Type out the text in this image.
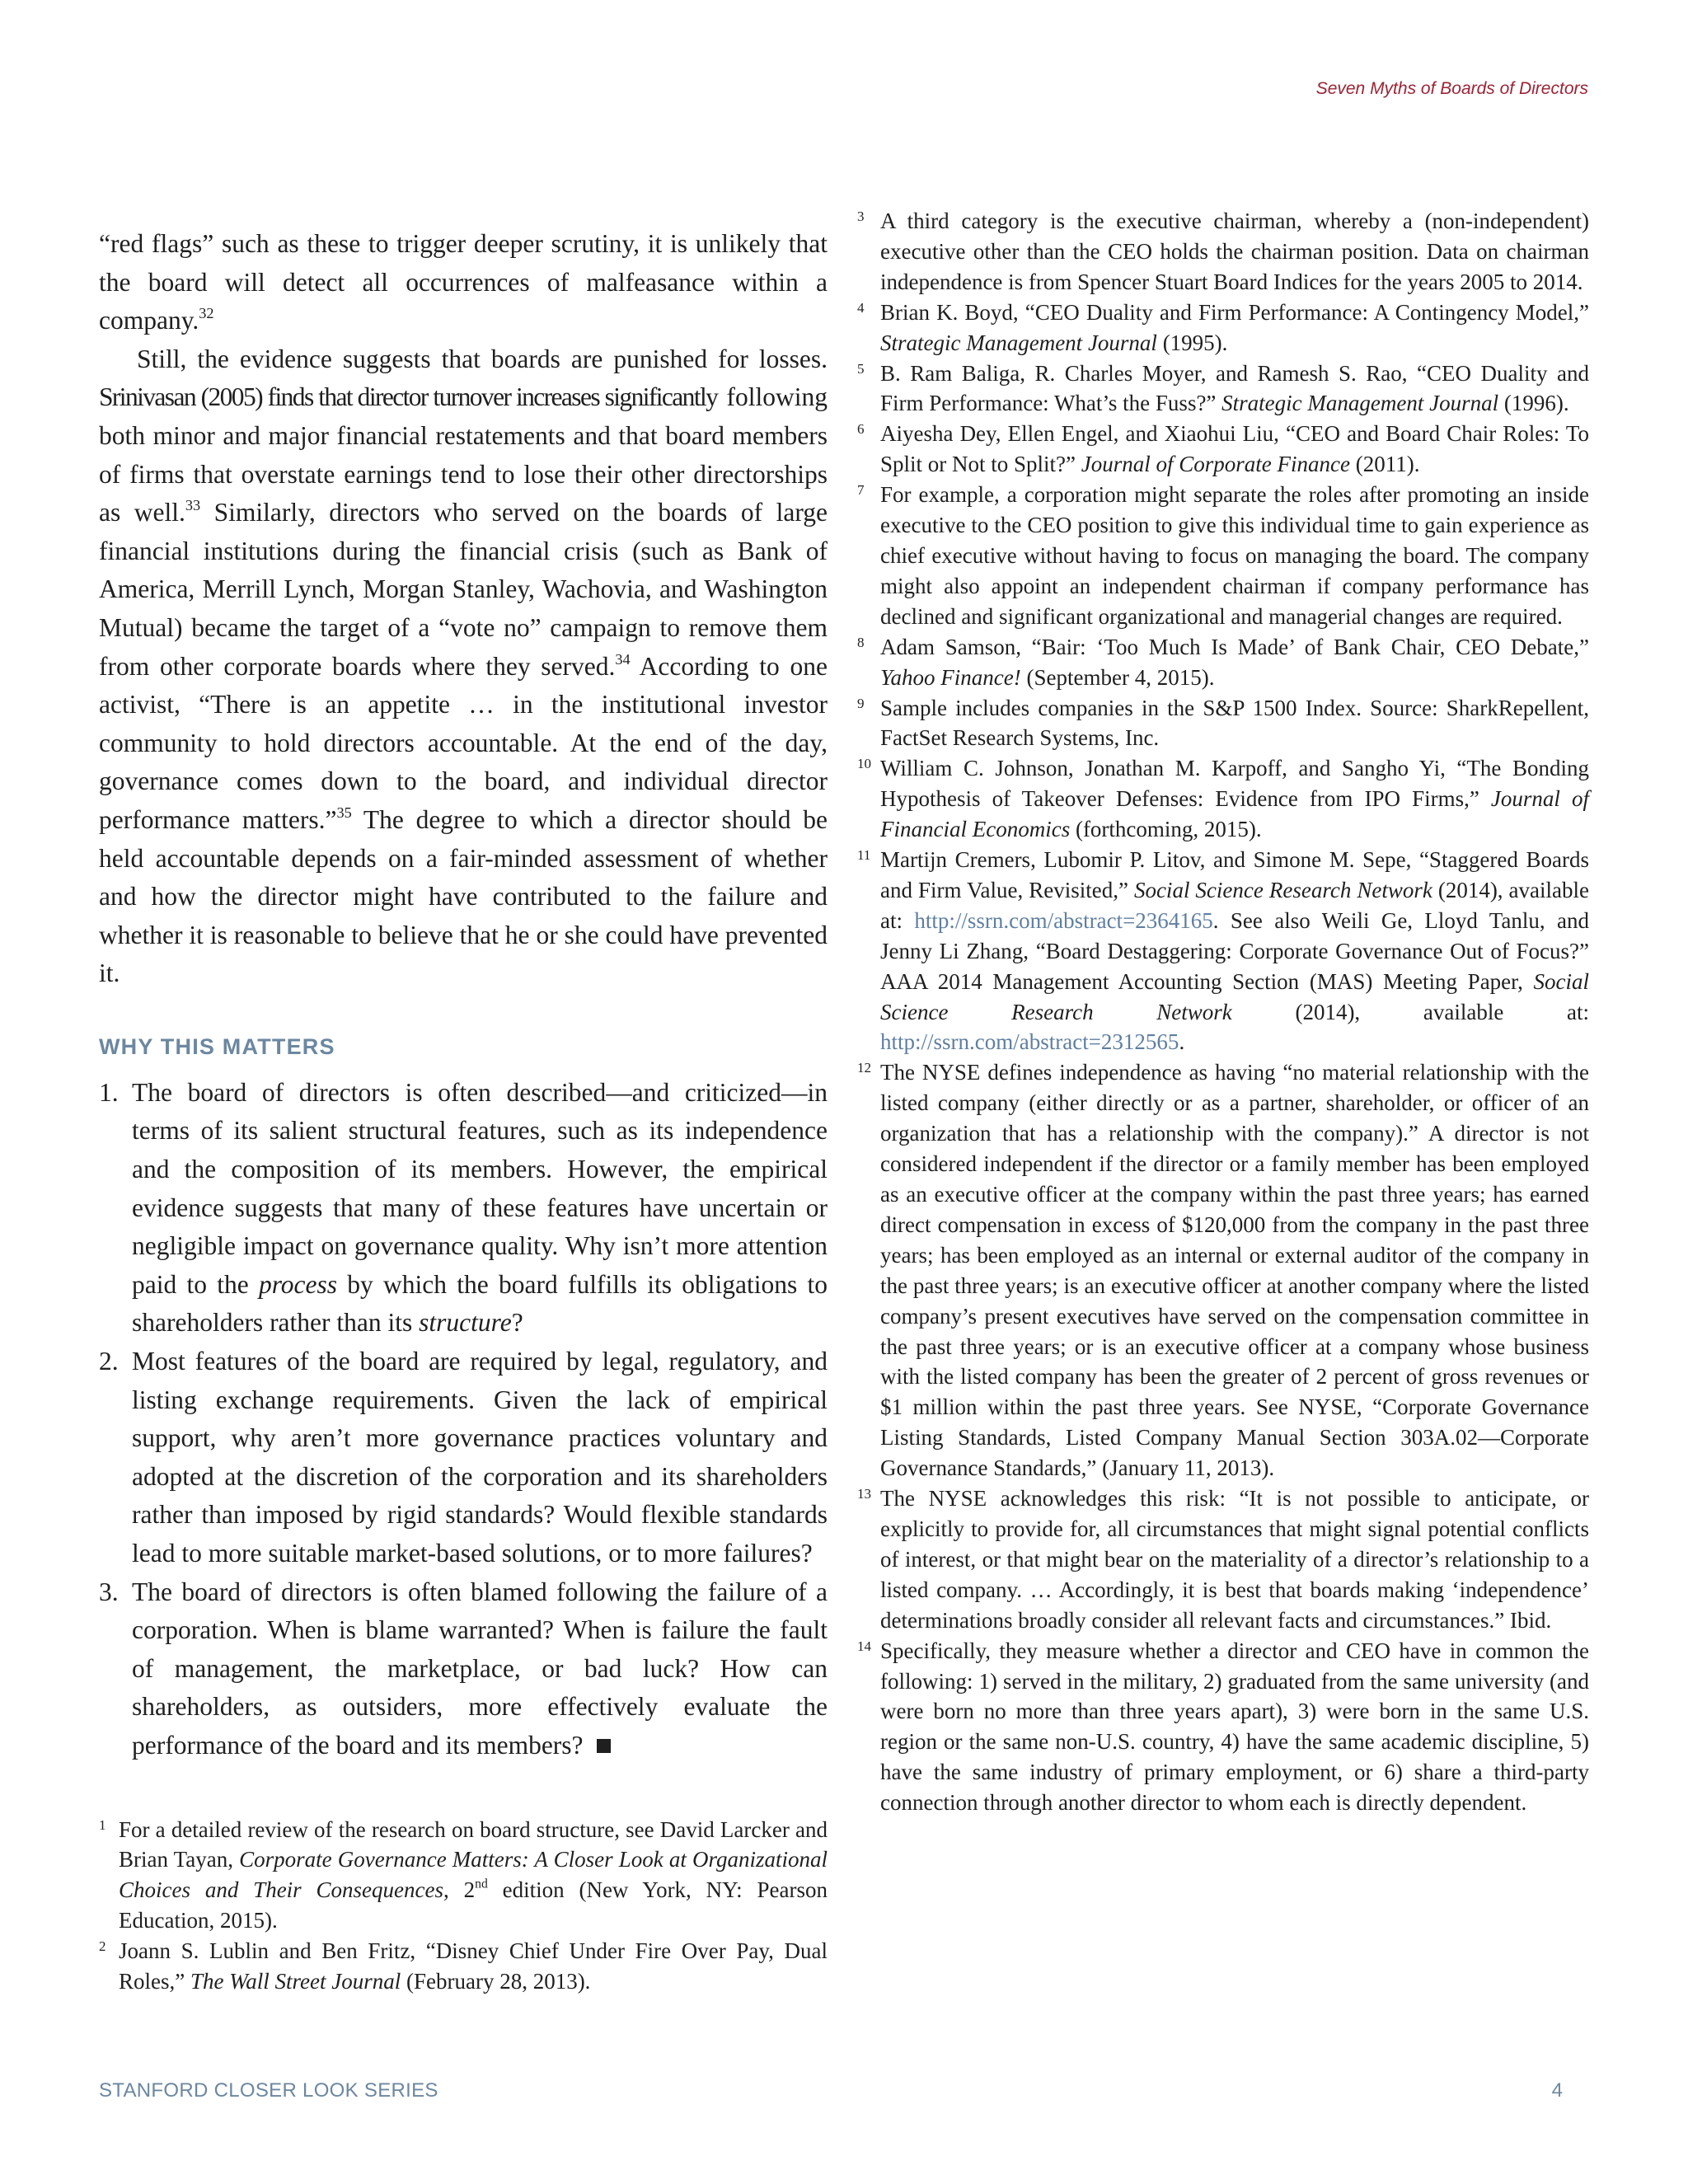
Seven Myths of Boards of Directors

“red flags” such as these to trigger deeper scrutiny, it is unlikely that the board will detect all occurrences of malfeasance within a company.$^{32}$

Still, the evidence suggests that boards are punished for losses. Srinivasan (2005) finds that director turnover increases significantly following both minor and major financial restatements and that board members of firms that overstate earnings tend to lose their other directorships as well.$^{33}$ Similarly, directors who served on the boards of large financial institutions during the financial crisis (such as Bank of America, Merrill Lynch, Morgan Stanley, Wachovia, and Washington Mutual) became the target of a “vote no” campaign to remove them from other corporate boards where they served.$^{34}$ According to one activist, “There is an appetite … in the institutional investor community to hold directors accountable. At the end of the day, governance comes down to the board, and individual director performance matters.”$^{35}$ The degree to which a director should be held accountable depends on a fair-minded assessment of whether and how the director might have contributed to the failure and whether it is reasonable to believe that he or she could have prevented it.

WHY THIS MATTERS
1. The board of directors is often described—and criticized—in terms of its salient structural features, such as its independence and the composition of its members. However, the empirical evidence suggests that many of these features have uncertain or negligible impact on governance quality. Why isn’t more attention paid to the process by which the board fulfills its obligations to shareholders rather than its structure?
2. Most features of the board are required by legal, regulatory, and listing exchange requirements. Given the lack of empirical support, why aren’t more governance practices voluntary and adopted at the discretion of the corporation and its shareholders rather than imposed by rigid standards? Would flexible standards lead to more suitable market-based solutions, or to more failures?
3. The board of directors is often blamed following the failure of a corporation. When is blame warranted? When is failure the fault of management, the marketplace, or bad luck? How can shareholders, as outsiders, more effectively evaluate the performance of the board and its members?
1 For a detailed review of the research on board structure, see David Larcker and Brian Tayan, Corporate Governance Matters: A Closer Look at Organizational Choices and Their Consequences, 2nd edition (New York, NY: Pearson Education, 2015).
2 Joann S. Lublin and Ben Fritz, “Disney Chief Under Fire Over Pay, Dual Roles,” The Wall Street Journal (February 28, 2013).
3 A third category is the executive chairman, whereby a (non-independent) executive other than the CEO holds the chairman position. Data on chairman independence is from Spencer Stuart Board Indices for the years 2005 to 2014.
4 Brian K. Boyd, “CEO Duality and Firm Performance: A Contingency Model,” Strategic Management Journal (1995).
5 B. Ram Baliga, R. Charles Moyer, and Ramesh S. Rao, “CEO Duality and Firm Performance: What’s the Fuss?” Strategic Management Journal (1996).
6 Aiyesha Dey, Ellen Engel, and Xiaohui Liu, “CEO and Board Chair Roles: To Split or Not to Split?” Journal of Corporate Finance (2011).
7 For example, a corporation might separate the roles after promoting an inside executive to the CEO position to give this individual time to gain experience as chief executive without having to focus on managing the board. The company might also appoint an independent chairman if company performance has declined and significant organizational and managerial changes are required.
8 Adam Samson, “Bair: ‘Too Much Is Made’ of Bank Chair, CEO Debate,” Yahoo Finance! (September 4, 2015).
9 Sample includes companies in the S&P 1500 Index. Source: SharkRepellent, FactSet Research Systems, Inc.
10 William C. Johnson, Jonathan M. Karpoff, and Sangho Yi, “The Bonding Hypothesis of Takeover Defenses: Evidence from IPO Firms,” Journal of Financial Economics (forthcoming, 2015).
11 Martijn Cremers, Lubomir P. Litov, and Simone M. Sepe, “Staggered Boards and Firm Value, Revisited,” Social Science Research Network (2014), available at: http://ssrn.com/abstract=2364165. See also Weili Ge, Lloyd Tanlu, and Jenny Li Zhang, “Board Destaggering: Corporate Governance Out of Focus?” AAA 2014 Management Accounting Section (MAS) Meeting Paper, Social Science Research Network (2014), available at: http://ssrn.com/abstract=2312565.
12 The NYSE defines independence as having “no material relationship with the listed company (either directly or as a partner, shareholder, or officer of an organization that has a relationship with the company).” A director is not considered independent if the director or a family member has been employed as an executive officer at the company within the past three years; has earned direct compensation in excess of $120,000 from the company in the past three years; has been employed as an internal or external auditor of the company in the past three years; is an executive officer at another company where the listed company’s present executives have served on the compensation committee in the past three years; or is an executive officer at a company whose business with the listed company has been the greater of 2 percent of gross revenues or $1 million within the past three years. See NYSE, “Corporate Governance Listing Standards, Listed Company Manual Section 303A.02—Corporate Governance Standards,” (January 11, 2013).
13 The NYSE acknowledges this risk: “It is not possible to anticipate, or explicitly to provide for, all circumstances that might signal potential conflicts of interest, or that might bear on the materiality of a director’s relationship to a listed company. … Accordingly, it is best that boards making ‘independence’ determinations broadly consider all relevant facts and circumstances.” Ibid.
14 Specifically, they measure whether a director and CEO have in common the following: 1) served in the military, 2) graduated from the same university (and were born no more than three years apart), 3) were born in the same U.S. region or the same non-U.S. country, 4) have the same academic discipline, 5) have the same industry of primary employment, or 6) share a third-party connection through another director to whom each is directly dependent.
STANFORD CLOSER LOOK SERIES	4
